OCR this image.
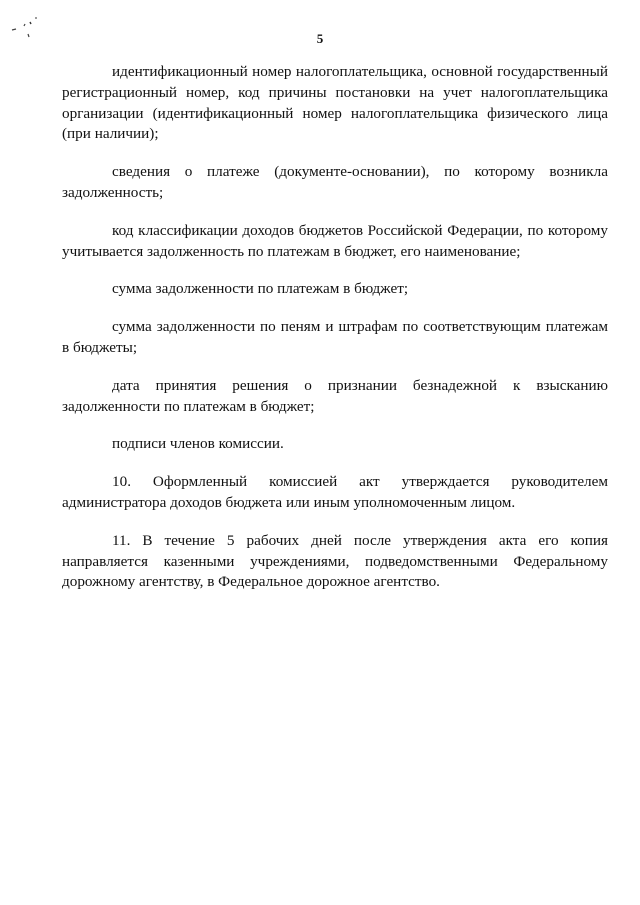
5

идентификационный номер налогоплательщика, основной государственный регистрационный номер, код причины постановки на учет налогоплательщика организации (идентификационный номер налогоплательщика физического лица (при наличии);

сведения о платеже (документе-основании), по которому возникла задолженность;

код классификации доходов бюджетов Российской Федерации, по которому учитывается задолженность по платежам в бюджет, его наименование;

сумма задолженности по платежам в бюджет;

сумма задолженности по пеням и штрафам по соответствующим платежам в бюджеты;

дата принятия решения о признании безнадежной к взысканию задолженности по платежам в бюджет;

подписи членов комиссии.

10. Оформленный комиссией акт утверждается руководителем администратора доходов бюджета или иным уполномоченным лицом.

11. В течение 5 рабочих дней после утверждения акта его копия направляется казенными учреждениями, подведомственными Федеральному дорожному агентству, в Федеральное дорожное агентство.
